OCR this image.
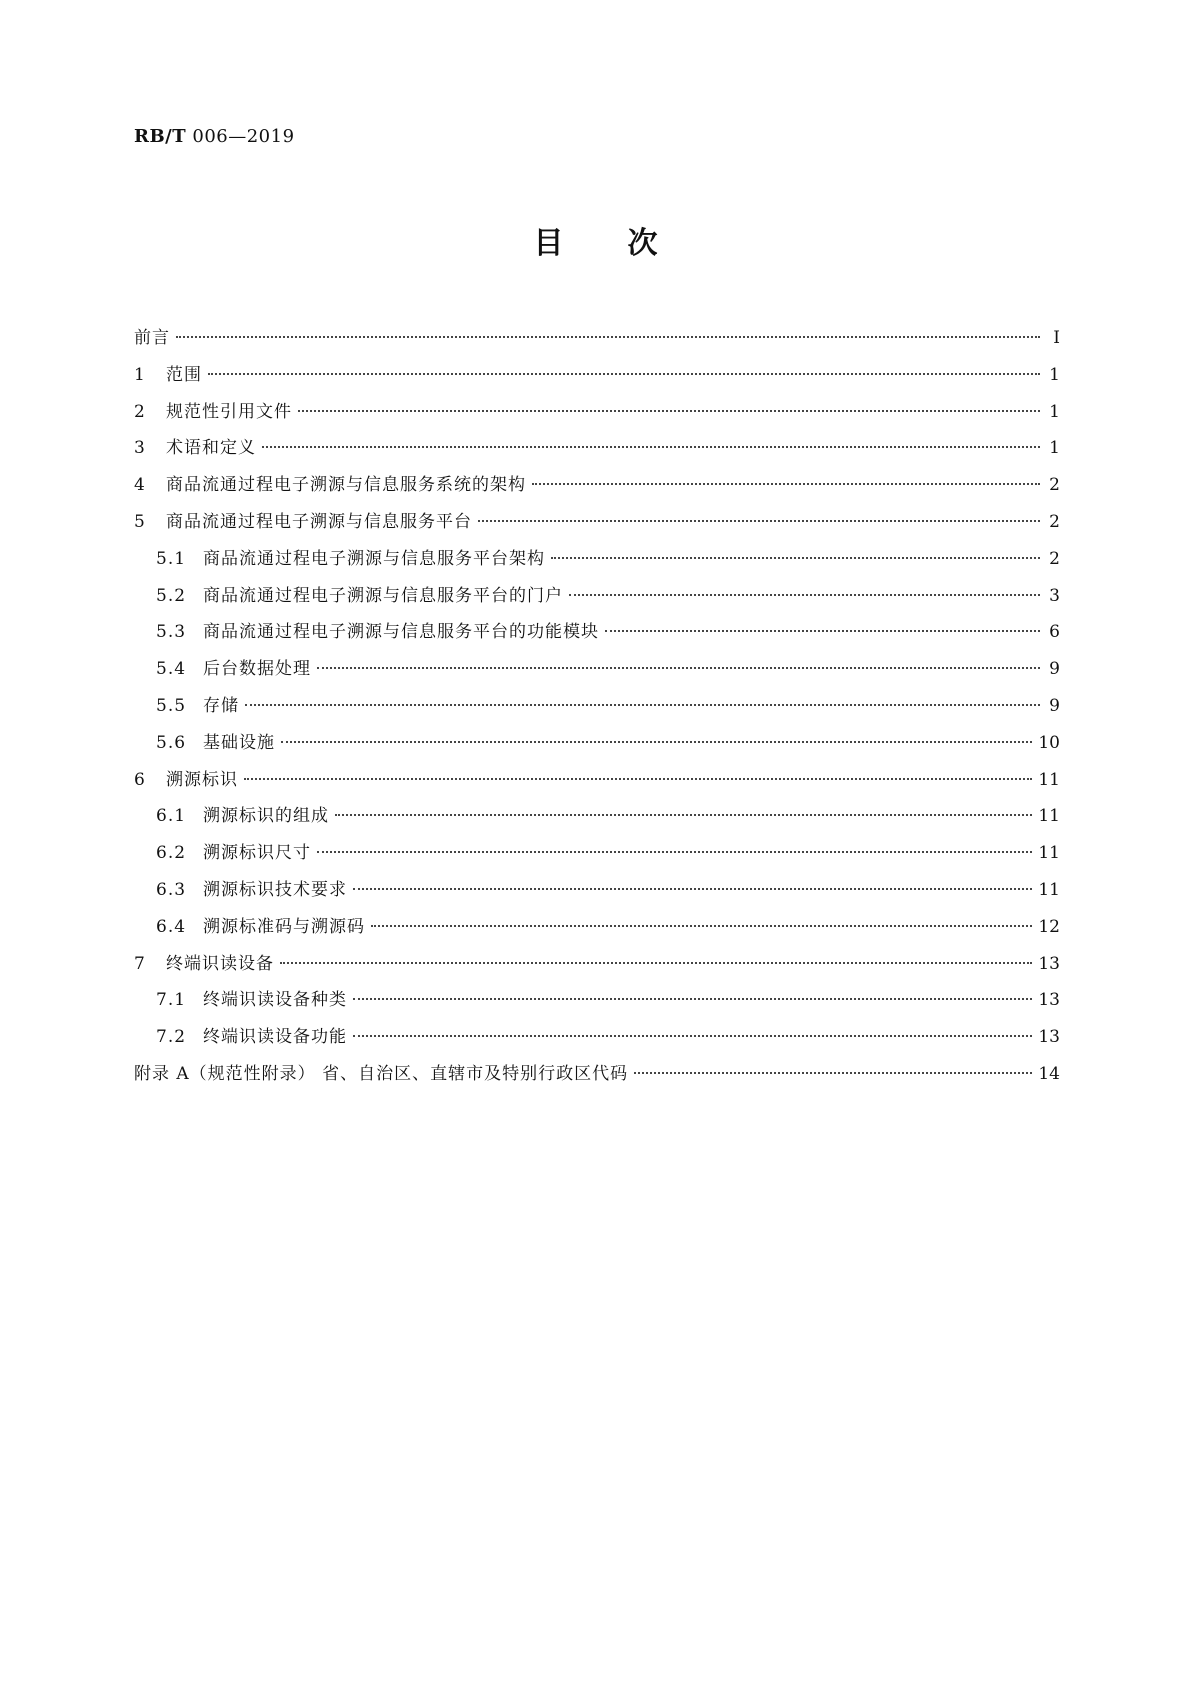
RB/T 006—2019
目 次
前言	Ⅰ
1	范围	1
2	规范性引用文件	1
3	术语和定义	1
4	商品流通过程电子溯源与信息服务系统的架构	2
5	商品流通过程电子溯源与信息服务平台	2
5.1 商品流通过程电子溯源与信息服务平台架构	2
5.2 商品流通过程电子溯源与信息服务平台的门户	3
5.3 商品流通过程电子溯源与信息服务平台的功能模块	6
5.4 后台数据处理	9
5.5 存储	9
5.6 基础设施	10
6	溯源标识	11
6.1 溯源标识的组成	11
6.2 溯源标识尺寸	11
6.3 溯源标识技术要求	11
6.4 溯源标准码与溯源码	12
7	终端识读设备	13
7.1 终端识读设备种类	13
7.2 终端识读设备功能	13
附录 A（规范性附录） 省、自治区、直辖市及特别行政区代码	14
